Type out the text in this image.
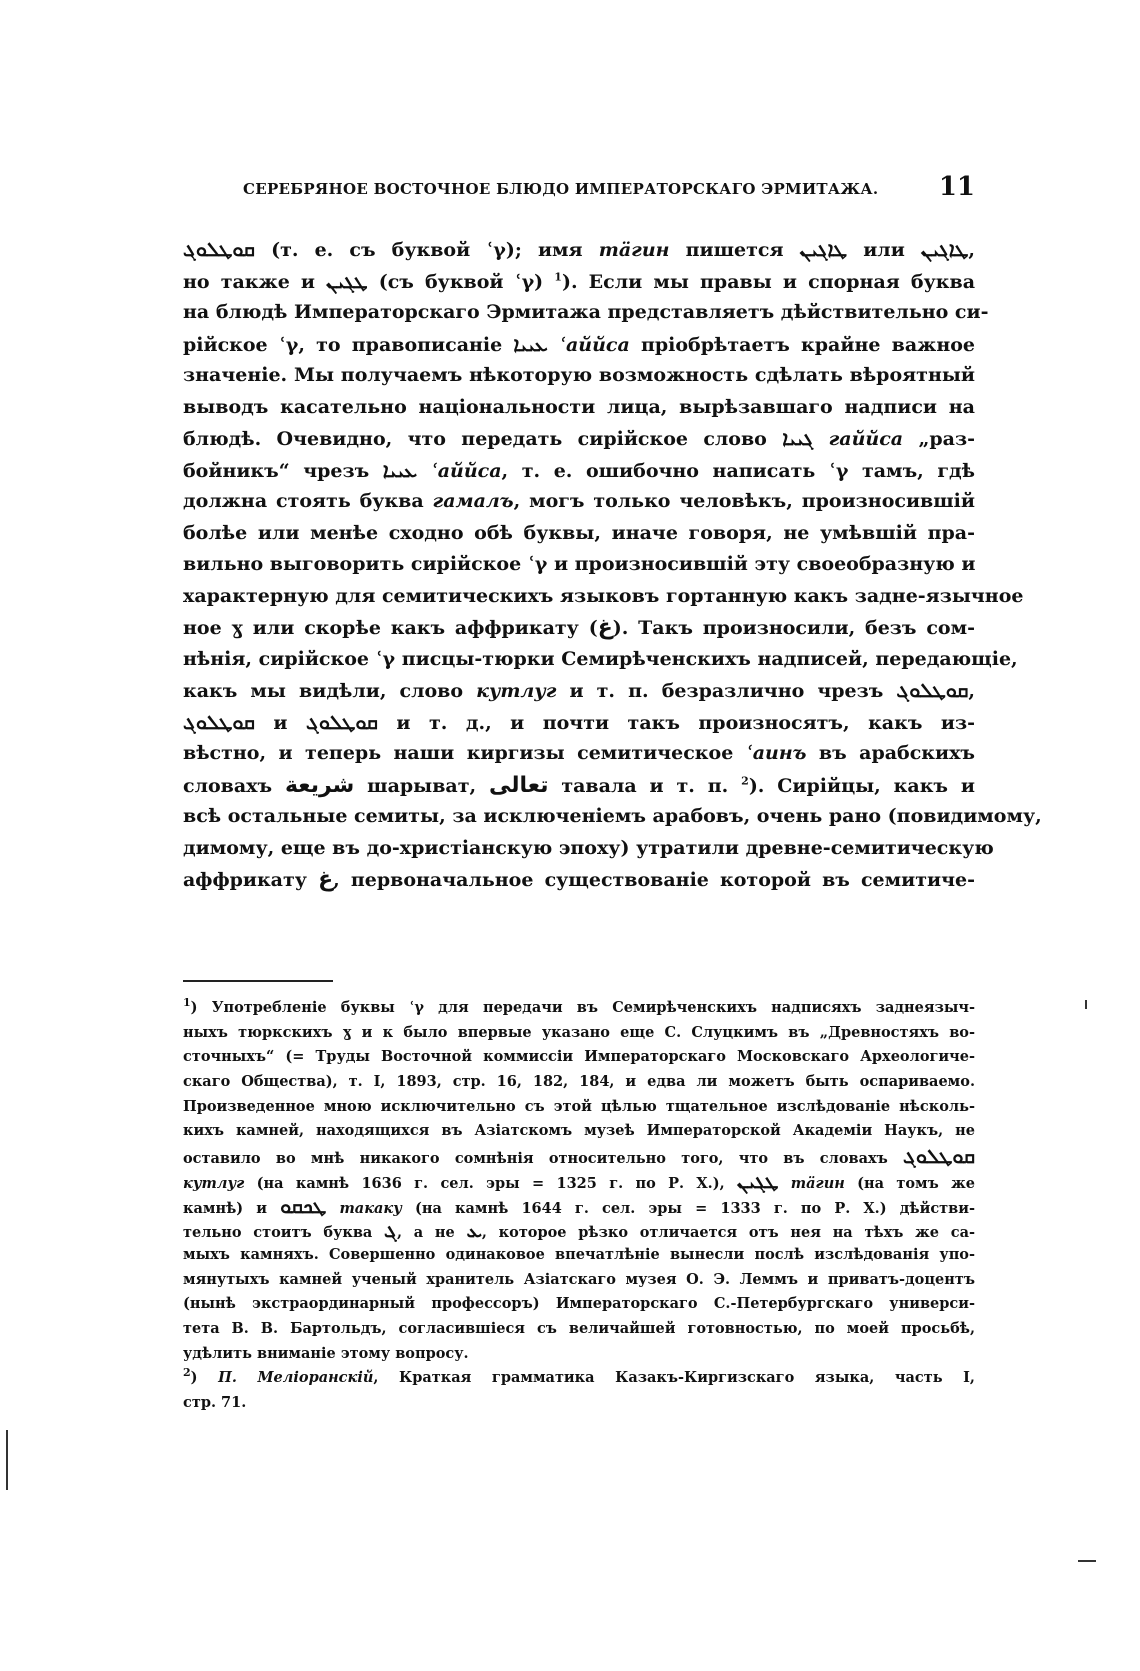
СЕРЕБРЯНОЕ ВОСТОЧНОЕ БЛЮДО ИМПЕРАТОРСКАГО ЭРМИТАЖА. 11
ܩܘܛܠܘܓ (т. е. съ буквой ʿγ); имя тäгин пишется ܛܐܓܝܢ или ܛܐܓܝܢ,
но также и ܛܓܝܢ (съ буквой ʿγ) $^1$). Если мы правы и спорная буква
на блюдѣ Императорскаго Эрмитажа представляетъ дѣйствительно си-
рійское ʿγ, то правописаніе ܥܝܝܐ ʿаййса пріобрѣтаетъ крайне важное
значеніе. Мы получаемъ нѣкоторую возможность сдѣлать вѣроятный
выводъ касательно національности лица, вырѣзавшаго надписи на
блюдѣ. Очевидно, что передать сирійское слово ܓܝܝܐ гаййса „раз-
бойникъ“ чрезъ ܥܝܝܐ ʿаййса, т. е. ошибочно написать ʿγ тамъ, гдѣ
должна стоять буква гамалъ, могъ только человѣкъ, произносившій
болѣе или менѣе сходно обѣ буквы, иначе говоря, не умѣвшій пра-
вильно выговорить сирійское ʿγ и произносившій эту своеобразную и
характерную для семитическихъ языковъ гортанную какъ задне-язычное
ное ɣ или скорѣе какъ аффрикату (غ). Такъ произносили, безъ сом-
нѣнія, сирійское ʿγ писцы-тюрки Семирѣченскихъ надписей, передающіе,
какъ мы видѣли, слово кутлуг и т. п. безразлично чрезъ ܩܘܛܠܘܓ,
ܩܘܛܠܘܓ и ܩܘܛܠܘܓ и т. д., и почти такъ произносятъ, какъ из-
вѣстно, и теперь наши киргизы семитическое ʿаинъ въ арабскихъ
словахъ شريعة шарыʙат, تعالى таʙала и т. п. $^2$). Сирійцы, какъ и
всѣ остальные семиты, за исключеніемъ арабовъ, очень рано (повидимому,
димому, еще въ до-христіанскую эпоху) утратили древне-семитическую
аффрикату غ, первоначальное существованіе которой въ семитиче-
$^1$) Употребленіе буквы ʿγ для передачи въ Семирѣченскихъ надписяхъ заднеязыч-
ныхъ тюркскихъ ɣ и к было впервые указано еще С. Слуцкимъ въ „Древностяхъ во-
сточныхъ“ (= Труды Восточной коммиссіи Императорскаго Московскаго Археологиче-
скаго Общества), т. I, 1893, стр. 16, 182, 184, и едва ли можетъ быть оспариваемо.
Произведенное мною исключительно съ этой цѣлью тщательное изслѣдованіе нѣсколь-
кихъ камней, находящихся въ Азіатскомъ музеѣ Императорской Академіи Наукъ, не
оставило во мнѣ никакого сомнѣнія относительно того, что въ словахъ ܩܘܛܠܘܓ
кутлуг (на камнѣ 1636 г. сел. эры = 1325 г. по Р. Х.), ܛܓܝܢ тäгин (на томъ же
камнѣ) и ܛܟܩܘ такаку (на камнѣ 1644 г. сел. эры = 1333 г. по Р. Х.) дѣйстви-
тельно стоитъ буква ܓ, а не ܥ, которое рѣзко отличается отъ нея на тѣхъ же са-
мыхъ камняхъ. Совершенно одинаковое впечатлѣніе вынесли послѣ изслѣдованія упо-
мянутыхъ камней ученый хранитель Азіатскаго музея О. Э. Леммъ и приватъ-доцентъ
(нынѣ экстраординарный профессоръ) Императорскаго С.-Петербургскаго универси-
тета В. В. Бартольдъ, согласившіеся съ величайшей готовностью, по моей просьбѣ,
удѣлить вниманіе этому вопросу.
$^2$) П. Меліоранскій, Краткая грамматика Казакъ-Киргизскаго языка, часть I,
стр. 71.
